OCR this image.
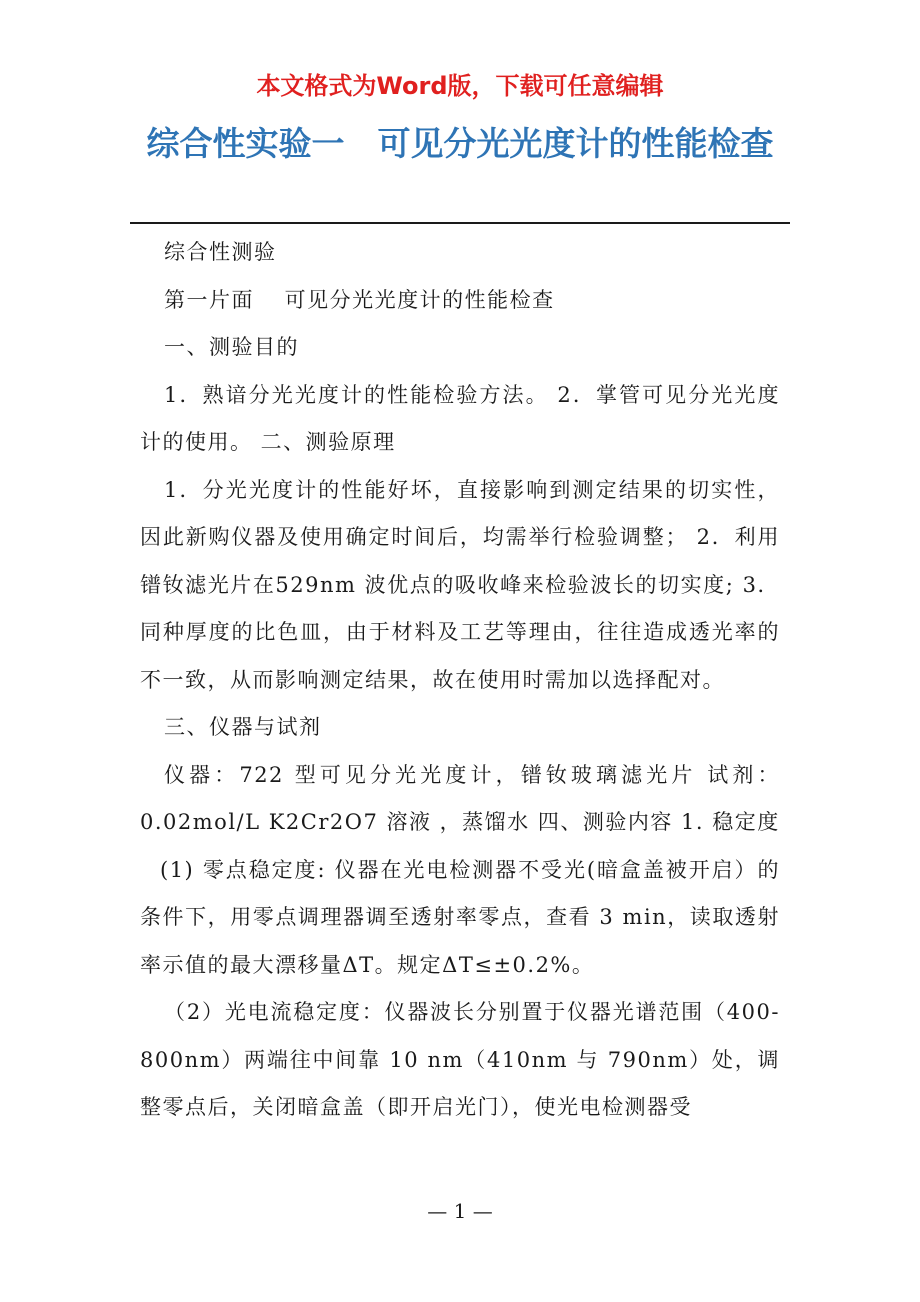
本文格式为Word版，下载可任意编辑
综合性实验一　可见分光光度计的性能检查

综合性测验

第一片面　 可见分光光度计的性能检查

一、测验目的

1．熟谙分光光度计的性能检验方法。 2．掌管可见分光光度计的使用。 二、测验原理

1．分光光度计的性能好坏，直接影响到测定结果的切实性，因此新购仪器及使用确定时间后，均需举行检验调整； 2．利用镨钕滤光片在529nm 波优点的吸收峰来检验波长的切实度; 3．同种厚度的比色皿，由于材料及工艺等理由，往往造成透光率的不一致，从而影响测定结果，故在使用时需加以选择配对。

三、仪器与试剂

仪器：722 型可见分光光度计，镨钕玻璃滤光片 试剂：0.02mol/L K2Cr2O7 溶液 ，蒸馏水 四、测验内容 1. 稳定度

(1) 零点稳定度: 仪器在光电检测器不受光(暗盒盖被开启）的条件下，用零点调理器调至透射率零点，查看 3 min，读取透射率示值的最大漂移量ΔT。规定ΔT≤±0.2%。

（2）光电流稳定度：仪器波长分别置于仪器光谱范围（400-800nm）两端往中间靠 10 nm（410nm 与 790nm）处，调整零点后，关闭暗盒盖（即开启光门），使光电检测器受

— 1 —
